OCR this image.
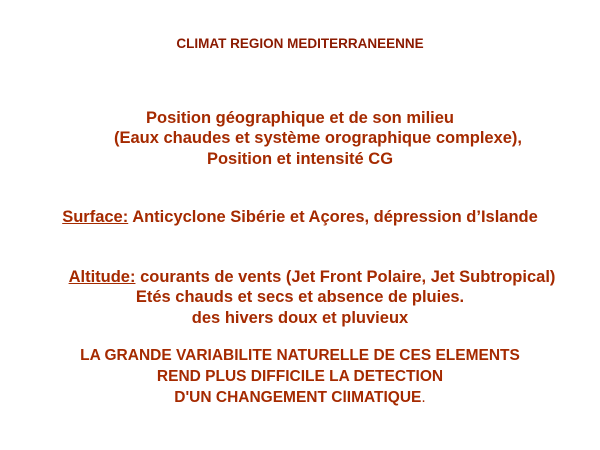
CLIMAT REGION MEDITERRANEENNE
Position géographique et de son milieu
(Eaux chaudes et système orographique complexe),
Position et intensité CG
Surface: Anticyclone Sibérie et Açores, dépression d’Islande
Altitude: courants de vents (Jet Front Polaire, Jet Subtropical)
Etés chauds et secs et absence de pluies.
des hivers doux et pluvieux
LA GRANDE VARIABILITE NATURELLE DE CES ELEMENTS
REND PLUS DIFFICILE LA DETECTION
D'UN CHANGEMENT ClIMATIQUE.
